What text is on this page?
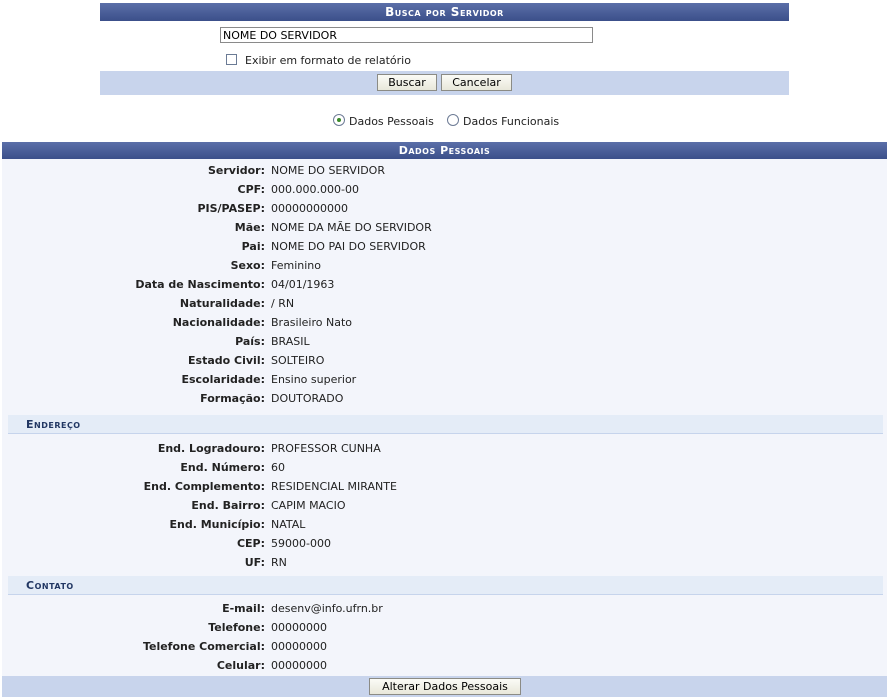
Busca por Servidor
NOME DO SERVIDOR
Exibir em formato de relatório
Buscar	Cancelar
Dados Pessoais	Dados Funcionais
Dados Pessoais
Servidor: NOME DO SERVIDOR
CPF: 000.000.000-00
PIS/PASEP: 00000000000
Mãe: NOME DA MÃE DO SERVIDOR
Pai: NOME DO PAI DO SERVIDOR
Sexo: Feminino
Data de Nascimento: 04/01/1963
Naturalidade: / RN
Nacionalidade: Brasileiro Nato
País: BRASIL
Estado Civil: SOLTEIRO
Escolaridade: Ensino superior
Formação: DOUTORADO
Endereço
End. Logradouro: PROFESSOR CUNHA
End. Número: 60
End. Complemento: RESIDENCIAL MIRANTE
End. Bairro: CAPIM MACIO
End. Município: NATAL
CEP: 59000-000
UF: RN
Contato
E-mail: desenv@info.ufrn.br
Telefone: 00000000
Telefone Comercial: 00000000
Celular: 00000000
Alterar Dados Pessoais
